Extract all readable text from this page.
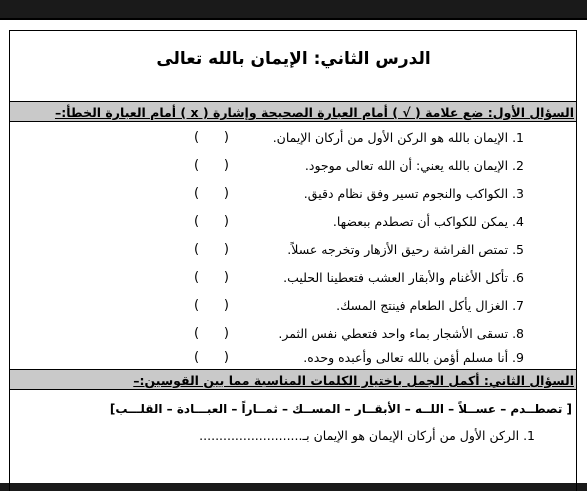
الدرس الثاني: الإيمان بالله تعالى
السؤال الأول: ضع علامة ( √ ) أمام العبارة الصحيحة وإشارة ( x ) أمام العبارة الخطأ:–
1. الإيمان بالله هو الركن الأول من أركان الإيمان.
(      )
2. الإيمان بالله يعني: أن الله تعالى موجود.
(      )
3. الكواكب والنجوم تسير وفق نظام دقيق.
(      )
4. يمكن للكواكب أن تصطدم ببعضها.
(      )
5. تمتص الفراشة رحيق الأزهار وتخرجه عسلاً.
(      )
6. تأكل الأغنام والأبقار العشب فتعطينا الحليب.
(      )
7. الغزال يأكل الطعام فينتج المسك.
(      )
8. تسقى الأشجار بماء واحد فتعطي نفس الثمر.
(      )
9. أنا مسلم أؤمن بالله تعالى وأعبده وحده.
(      )
السؤال الثاني: أكمل الجمل باختيار الكلمات المناسبة مما بين القوسين:–
[ تصطــدم – عســلاً – اللــه – الأبقــار – المســك – ثمــاراً – العبـــادة – القلـــب]
1. الركن الأول من أركان الإيمان هو الإيمان بـ..........................
